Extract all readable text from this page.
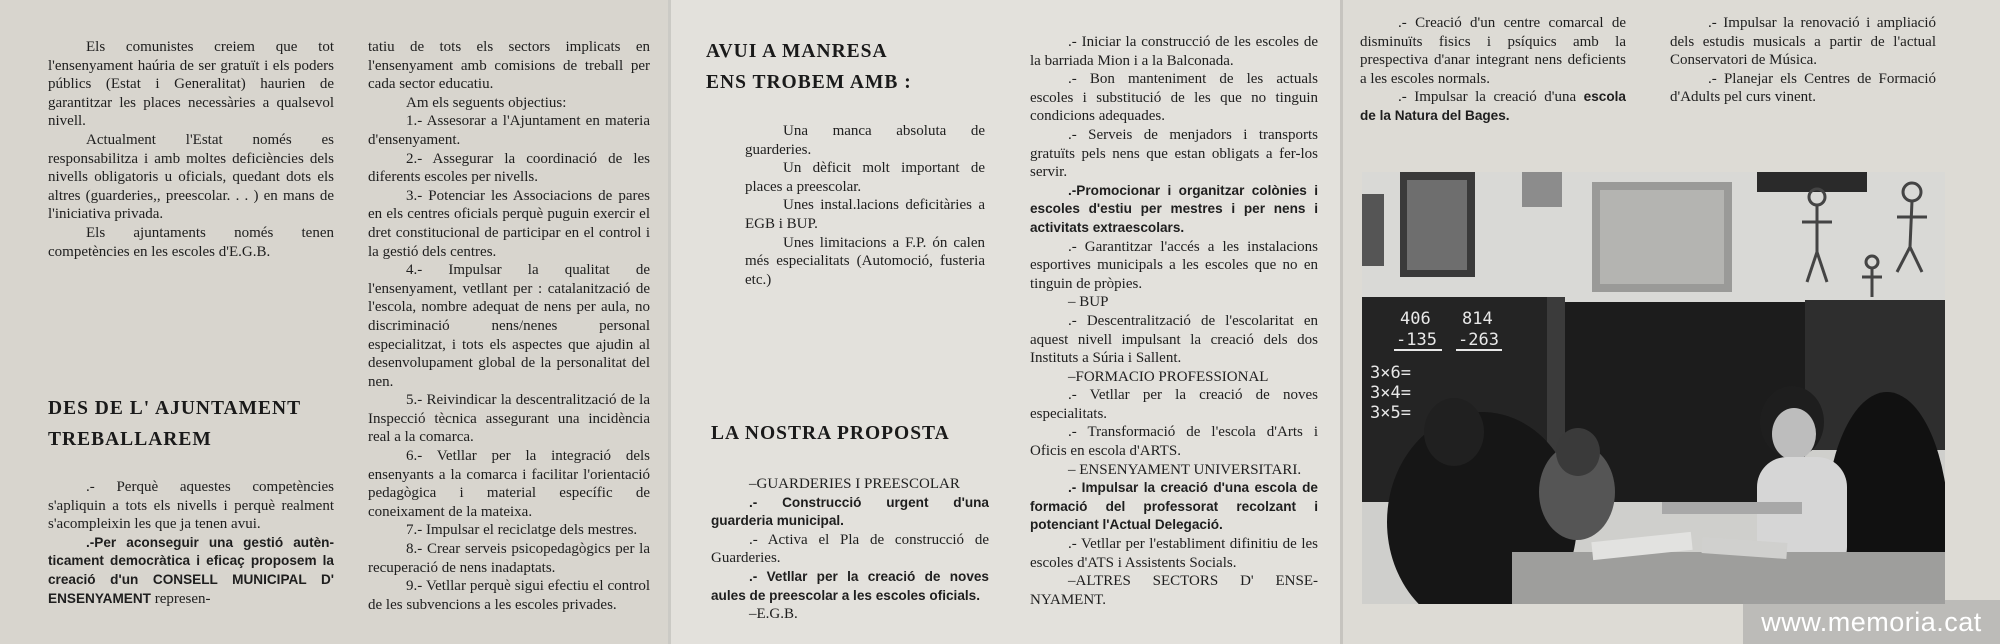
Els comunistes creiem que tot l'ensenyament haúria de ser gratuït i els poders públics (Estat i Generalitat) haurien de garantitzar les places necessàries a qualsevol nivell.

Actualment l'Estat només es responsabilitza i amb moltes deficiències dels nivells obligatoris u oficials, quedant dots els altres (guarderies,, preescolar. . . ) en mans de l'iniciativa privada.

Els ajuntaments només tenen competències en les escoles d'E.G.B.

DES DE L' AJUNTAMENT
TREBALLAREM

.- Perquè aquestes competències s'apliquin a tots els nivells i perquè realment s'acompleixin les que ja tenen avui.

.-Per aconseguir una gestió autènticament democràtica i eficaç proposem la creació d'un CONSELL MUNICIPAL D' ENSENYAMENT represen-

tatiu de tots els sectors implicats en l'ensenyament amb comisions de treball per cada sector educatiu.

Am els seguents objectius:

1.- Assesorar a l'Ajuntament en materia d'ensenyament.

2.- Assegurar la coordinació de les diferents escoles per nivells.

3.- Potenciar les Associacions de pares en els centres oficials perquè puguin exercir el dret constitucional de participar en el control i la gestió dels centres.

4.- Impulsar la qualitat de l'ensenyament, vetllant per : catalanització de l'escola, nombre adequat de nens per aula, no discriminació nens/nenes personal especialitzat, i tots els aspectes que ajudin al desenvolupament global de la personalitat del nen.

5.- Reivindicar la descentralització de la Inspecció tècnica assegurant una incidència real a la comarca.

6.- Vetllar per la integració dels ensenyants a la comarca i facilitar l'orientació pedagògica i material específic de coneixament de la mateixa.

7.- Impulsar el reciclatge dels mestres.

8.- Crear serveis psicopedagògics per la recuperació de nens inadaptats.

9.- Vetllar perquè sigui efectiu el control de les subvencions a les escoles privades.

AVUI A MANRESA
ENS TROBEM AMB :

Una manca absoluta de guarderies.

Un dèficit molt important de places a preescolar.

Unes instal.lacions deficitàries a EGB i BUP.

Unes limitacions a F.P. ón calen més especialitats (Automoció, fusteria etc.)

LA NOSTRA PROPOSTA

–GUARDERIES I PREESCOLAR

.- Construcció urgent d'una guarderia municipal.

.- Activa el Pla de construcció de Guarderies.

.- Vetllar per la creació de noves aules de preescolar a les escoles oficials.

–E.G.B.

.- Iniciar la construcció de les escoles de la barriada Mion i a la Balconada.

.- Bon manteniment de les actuals escoles i substitució de les que no tinguin condicions adequades.

.- Serveis de menjadors i transports gratuïts pels nens que estan obligats a fer-los servir.

.-Promocionar i organitzar colònies i escoles d'estiu per mestres i per nens i activitats extraescolars.

.- Garantitzar l'accés a les instalacions esportives municipals a les escoles que no en tinguin de pròpies.

– BUP

.- Descentralització de l'escolaritat en aquest nivell impulsant la creació dels dos Instituts a Súria i Sallent.

–FORMACIO PROFESSIONAL

.- Vetllar per la creació de noves especialitats.

.- Transformació de l'escola d'Arts i Oficis en escola d'ARTS.

– ENSENYAMENT UNIVERSITARI.

.- Impulsar la creació d'una escola de formació del professorat recolzant i potenciant l'Actual Delegació.

.- Vetllar per l'establiment difinitiu de les escoles d'ATS i Assistents Socials.

–ALTRES SECTORS D' ENSENYAMENT.

.- Creació d'un centre comarcal de disminuïts fisics i psíquics amb la prespectiva d'anar integrant nens deficients a les escoles normals.

.- Impulsar la creació d'una escola de la Natura del Bages.

.- Impulsar la renovació i ampliació dels estudis musicals a partir de l'actual Conservatori de Música.

.- Planejar els Centres de Formació d'Adults pel curs vinent.

406
-135
3×6=
3×4=
3×5=
814
-263
www.memoria.cat
